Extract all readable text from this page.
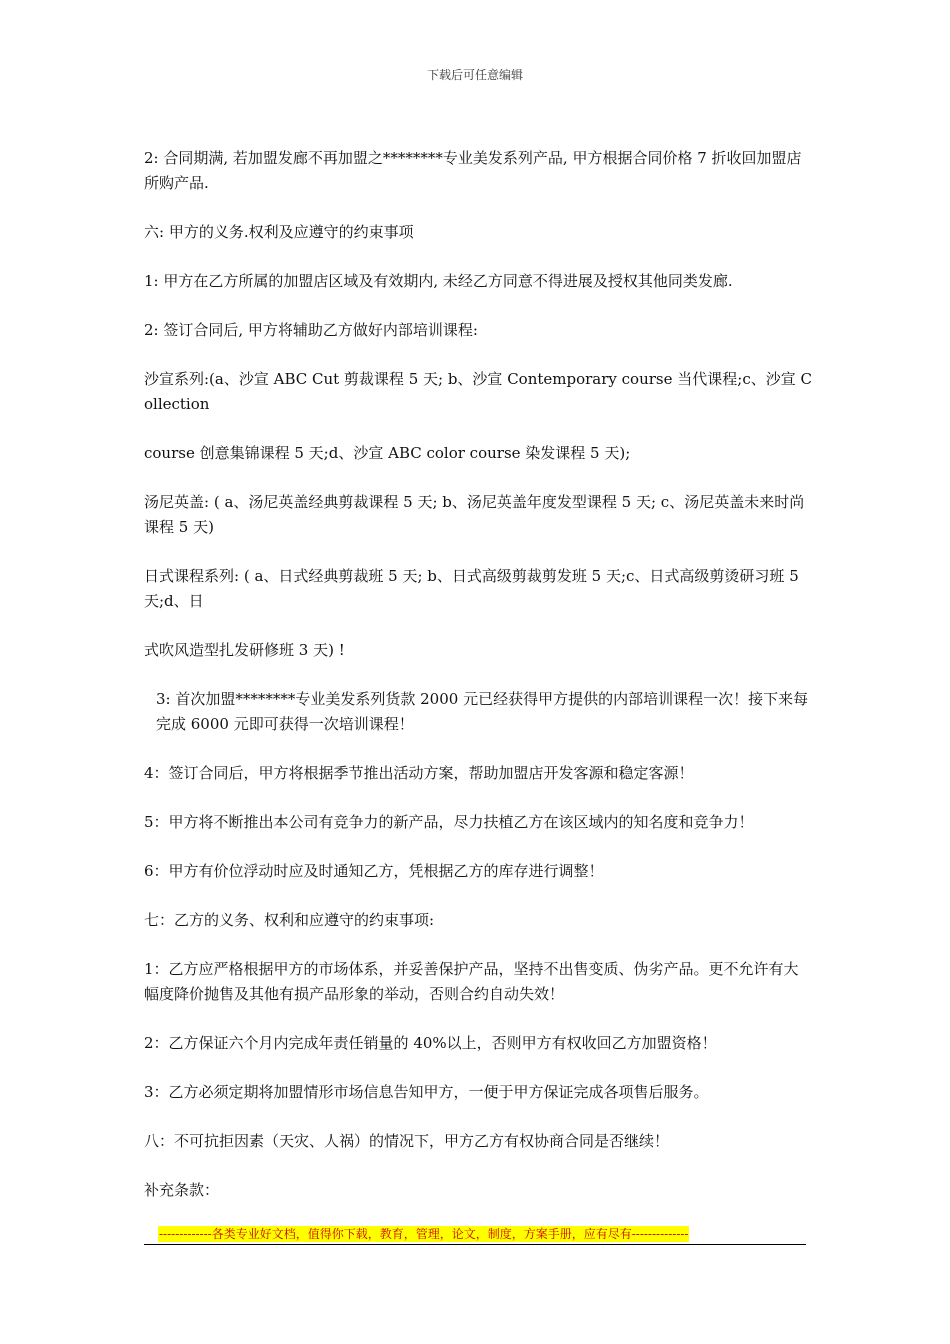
下载后可任意编辑

2: 合同期满, 若加盟发廊不再加盟之********专业美发系列产品, 甲方根据合同价格 7 折收回加盟店所购产品.

六: 甲方的义务.权利及应遵守的约束事项

1: 甲方在乙方所属的加盟店区域及有效期内, 未经乙方同意不得进展及授权其他同类发廊.

2: 签订合同后, 甲方将辅助乙方做好内部培训课程:

沙宣系列:(a、沙宣 ABC Cut 剪裁课程 5 天; b、沙宣 Contemporary course 当代课程;c、沙宣 Collection

course 创意集锦课程 5 天;d、沙宣 ABC color course 染发课程 5 天);

汤尼英盖: ( a、汤尼英盖经典剪裁课程 5 天; b、汤尼英盖年度发型课程 5 天; c、汤尼英盖未来时尚课程 5 天)

日式课程系列: ( a、日式经典剪裁班 5 天; b、日式高级剪裁剪发班 5 天;c、日式高级剪烫研习班 5 天;d、日

式吹风造型扎发研修班 3 天) !

3: 首次加盟********专业美发系列货款 2000 元已经获得甲方提供的内部培训课程一次！接下来每完成 6000 元即可获得一次培训课程！

4：签订合同后，甲方将根据季节推出活动方案，帮助加盟店开发客源和稳定客源！

5：甲方将不断推出本公司有竞争力的新产品，尽力扶植乙方在该区域内的知名度和竞争力！

6：甲方有价位浮动时应及时通知乙方，凭根据乙方的库存进行调整！

七：乙方的义务、权利和应遵守的约束事项:

1：乙方应严格根据甲方的市场体系，并妥善保护产品，坚持不出售变质、伪劣产品。更不允许有大幅度降价抛售及其他有损产品形象的举动，否则合约自动失效！

2：乙方保证六个月内完成年责任销量的 40%以上，否则甲方有权收回乙方加盟资格！

3：乙方必须定期将加盟情形市场信息告知甲方，一便于甲方保证完成各项售后服务。

八：不可抗拒因素（天灾、人祸）的情况下，甲方乙方有权协商合同是否继续！

补充条款：

-------------各类专业好文档，值得你下载，教育，管理，论文，制度，方案手册，应有尽有--------------
